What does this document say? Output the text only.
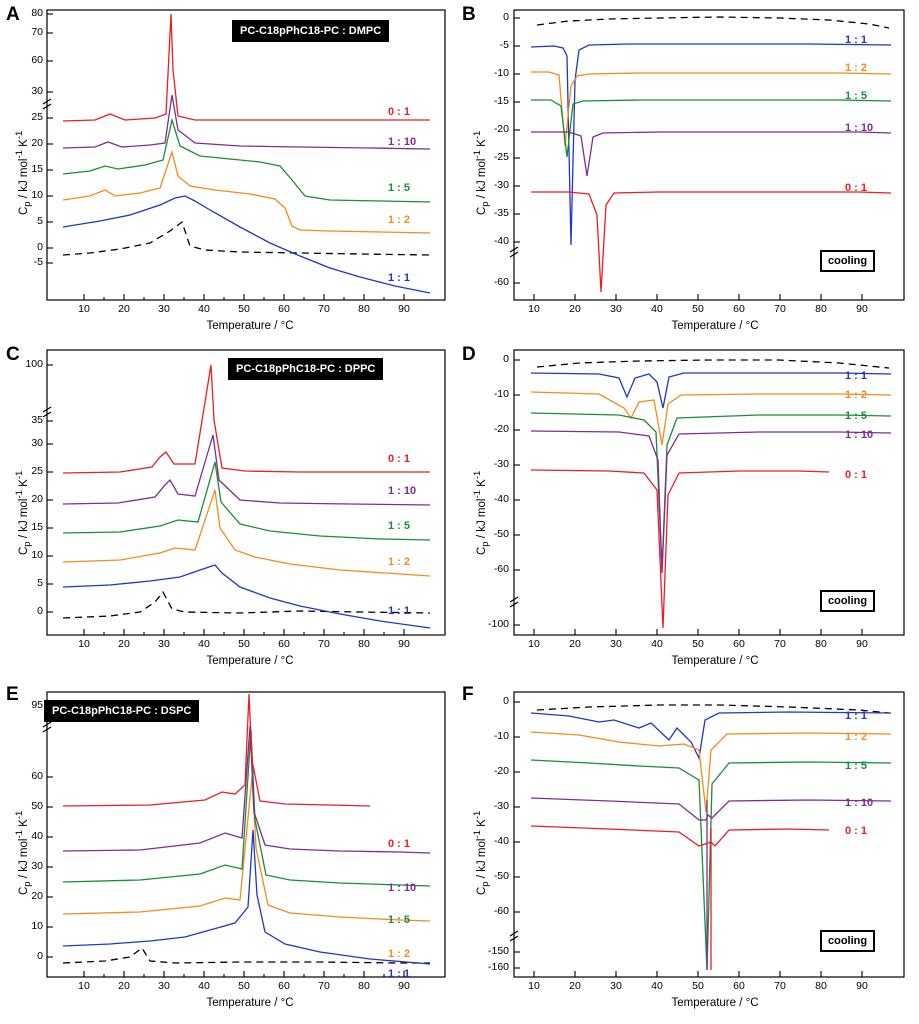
A
PC-C18pPhC18-PC : DMPC
$C_p$ / kJ mol$^{-1}$ $K^{-1}$
Temperature / °C
10	20	30	40	50	60	70	80	90
-5
0
5
10
15
20
25
30
60
70
80
0 : 1
1 : 10
1 : 5
1 : 2
1 : 1
B
$C_p$ / kJ mol$^{-1}$ $K^{-1}$
Temperature / °C
10	20	30	40	50	60	70	80	90
0
-5
-10
-15
-20
-25
-30
-35
-40
-60
1 : 1
1 : 2
1 : 5
1 : 10
0 : 1
cooling
C
PC-C18pPhC18-PC : DPPC
$C_p$ / kJ mol$^{-1}$ $K^{-1}$
Temperature / °C
10	20	30	40	50	60	70	80	90
0
5
10
15
20
25
30
35
100
0 : 1
1 : 10
1 : 5
1 : 2
1 : 1
D
$C_p$ / kJ mol$^{-1}$ $K^{-1}$
Temperature / °C
10	20	30	40	50	60	70	80	90
0
-10
-20
-30
-40
-50
-60
-100
1 : 1
1 : 2
1 : 5
1 : 10
0 : 1
cooling
E
PC-C18pPhC18-PC : DSPC
$C_p$ / kJ mol$^{-1}$ $K^{-1}$
Temperature / °C
10	20	30	40	50	60	70	80	90
0
10
20
30
40
50
60
95
0 : 1
1 : 10
1 : 5
1 : 2
1 : 1
F
$C_p$ / kJ mol$^{-1}$ $K^{-1}$
Temperature / °C
10	20	30	40	50	60	70	80	90
0
-10
-20
-30
-40
-50
-60
-150
-160
1 : 1
1 : 2
1 : 5
1 : 10
0 : 1
cooling
